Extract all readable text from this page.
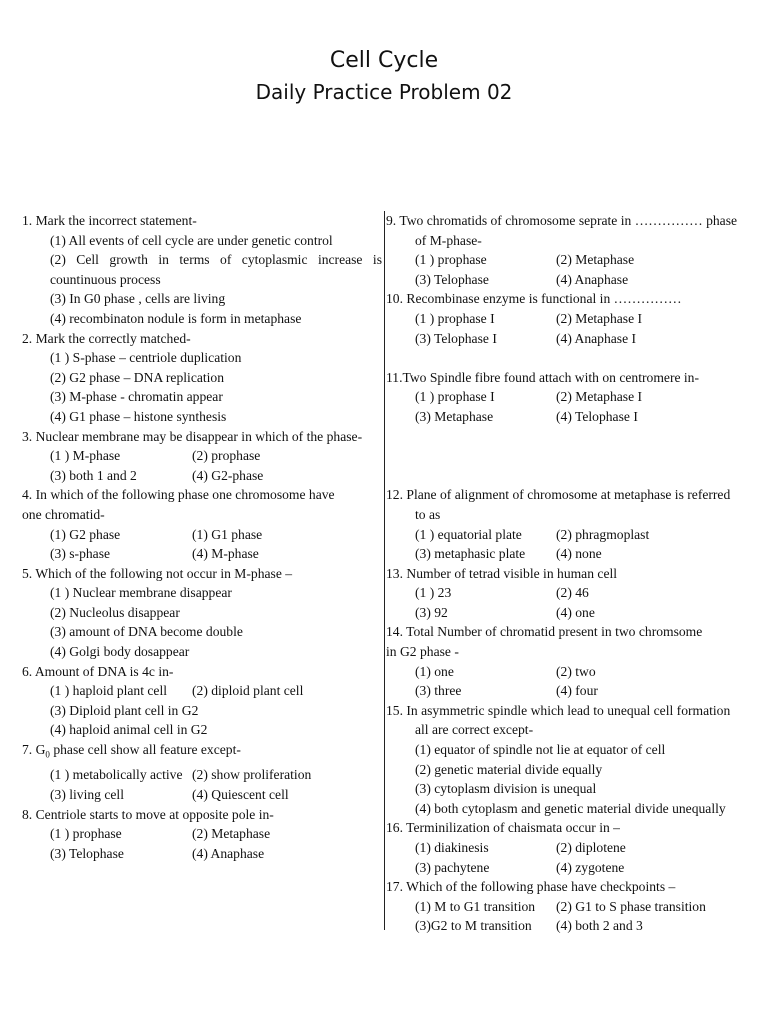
Cell Cycle
Daily Practice Problem 02
1. Mark the incorrect statement-
(1) All events of cell cycle are under genetic control
(2) Cell growth in terms of cytoplasmic increase is countinuous process
(3) In G0 phase , cells are living
(4) recombinaton nodule is form in metaphase
2. Mark the correctly matched-
(1 ) S-phase – centriole duplication
(2) G2 phase – DNA replication
(3) M-phase - chromatin appear
(4) G1 phase – histone synthesis
3. Nuclear membrane may be disappear in which of the phase-
(1 ) M-phase	(2) prophase
(3) both 1 and 2	(4) G2-phase
4. In which of the following phase one chromosome have
one chromatid-
(1) G2 phase	(1) G1 phase
(3) s-phase	(4) M-phase
5. Which of the following not occur in M-phase –
(1 ) Nuclear membrane disappear
(2) Nucleolus disappear
(3) amount of DNA become double
(4) Golgi body dosappear
6. Amount of DNA is 4c in-
(1 ) haploid plant cell	(2) diploid plant cell
(3) Diploid plant cell in G2
(4) haploid animal cell in G2
7. $G_0$ phase cell show all feature except-
(1 ) metabolically active (2) show proliferation
(3) living cell	(4) Quiescent cell
8. Centriole starts to move at opposite pole in-
(1 ) prophase	(2) Metaphase
(3) Telophase	(4) Anaphase
9. Two chromatids of chromosome seprate in …………… phase
of M-phase-
(1 ) prophase	(2) Metaphase
(3) Telophase	(4) Anaphase
10. Recombinase enzyme is functional in ……………
(1 ) prophase I	(2) Metaphase I
(3) Telophase I	(4) Anaphase I
11.Two Spindle fibre found attach with on centromere in-
(1 ) prophase I	(2) Metaphase I
(3) Metaphase	(4) Telophase I
12. Plane of alignment of chromosome at metaphase is referred
to as
(1 ) equatorial plate	(2) phragmoplast
(3) metaphasic plate	(4) none
13. Number of tetrad visible in human cell
(1 ) 23	(2) 46
(3) 92	(4) one
14. Total Number of chromatid present in two chromsome
in G2 phase -
(1) one	(2) two
(3) three	(4) four
15. In asymmetric spindle which lead to unequal cell formation
all are correct except-
(1) equator of spindle not lie at equator of cell
(2) genetic material divide equally
(3) cytoplasm division is unequal
(4) both cytoplasm and genetic material divide unequally
16. Terminilization of chaismata occur in –
(1) diakinesis	(2) diplotene
(3) pachytene	(4) zygotene
17. Which of the following phase have checkpoints –
(1) M to G1 transition	(2) G1 to S phase transition
(3)G2 to M transition	(4) both 2 and 3
